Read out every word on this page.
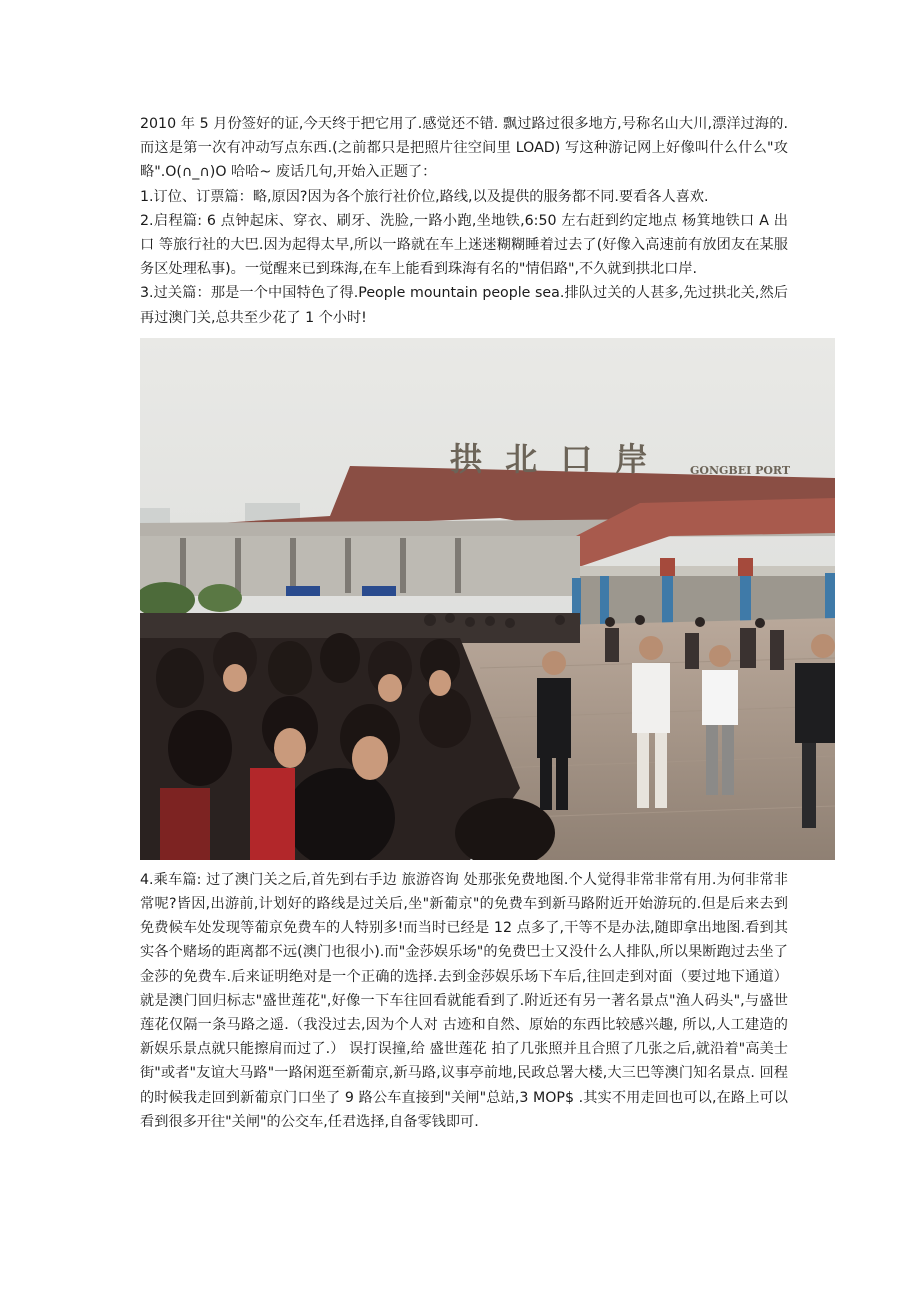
2010 年 5 月份签好的证,今天终于把它用了.感觉还不错. 飘过路过很多地方,号称名山大川,漂洋过海的.而这是第一次有冲动写点东西.(之前都只是把照片往空间里 LOAD) 写这种游记网上好像叫什么什么"攻略".O(∩_∩)O 哈哈~ 废话几句,开始入正题了：

1.订位、订票篇：略,原因?因为各个旅行社价位,路线,以及提供的服务都不同.要看各人喜欢.

2.启程篇: 6 点钟起床、穿衣、刷牙、洗脸,一路小跑,坐地铁,6:50 左右赶到约定地点 杨箕地铁口 A 出口 等旅行社的大巴.因为起得太早,所以一路就在车上迷迷糊糊睡着过去了(好像入高速前有放团友在某服务区处理私事)。一觉醒来已到珠海,在车上能看到珠海有名的"情侣路",不久就到拱北口岸.

3.过关篇：那是一个中国特色了得.People mountain people sea.排队过关的人甚多,先过拱北关,然后再过澳门关,总共至少花了 1 个小时!

拱 北 口 岸	GONGBEI PORT

4.乘车篇: 过了澳门关之后,首先到右手边 旅游咨询 处那张免费地图.个人觉得非常非常有用.为何非常非常呢?皆因,出游前,计划好的路线是过关后,坐"新葡京"的免费车到新马路附近开始游玩的.但是后来去到免费候车处发现等葡京免费车的人特别多!而当时已经是 12 点多了,干等不是办法,随即拿出地图.看到其实各个赌场的距离都不远(澳门也很小).而"金莎娱乐场"的免费巴士又没什么人排队,所以果断跑过去坐了金莎的免费车.后来证明绝对是一个正确的选择.去到金莎娱乐场下车后,往回走到对面（要过地下通道）就是澳门回归标志"盛世莲花",好像一下车往回看就能看到了.附近还有另一著名景点"渔人码头",与盛世莲花仅隔一条马路之遥.（我没过去,因为个人对 古迹和自然、原始的东西比较感兴趣, 所以,人工建造的新娱乐景点就只能擦肩而过了.） 误打误撞,给 盛世莲花 拍了几张照并且合照了几张之后,就沿着"高美士街"或者"友谊大马路"一路闲逛至新葡京,新马路,议事亭前地,民政总署大楼,大三巴等澳门知名景点. 回程的时候我走回到新葡京门口坐了 9 路公车直接到"关闸"总站,3 MOP$ .其实不用走回也可以,在路上可以看到很多开往"关闸"的公交车,任君选择,自备零钱即可.
